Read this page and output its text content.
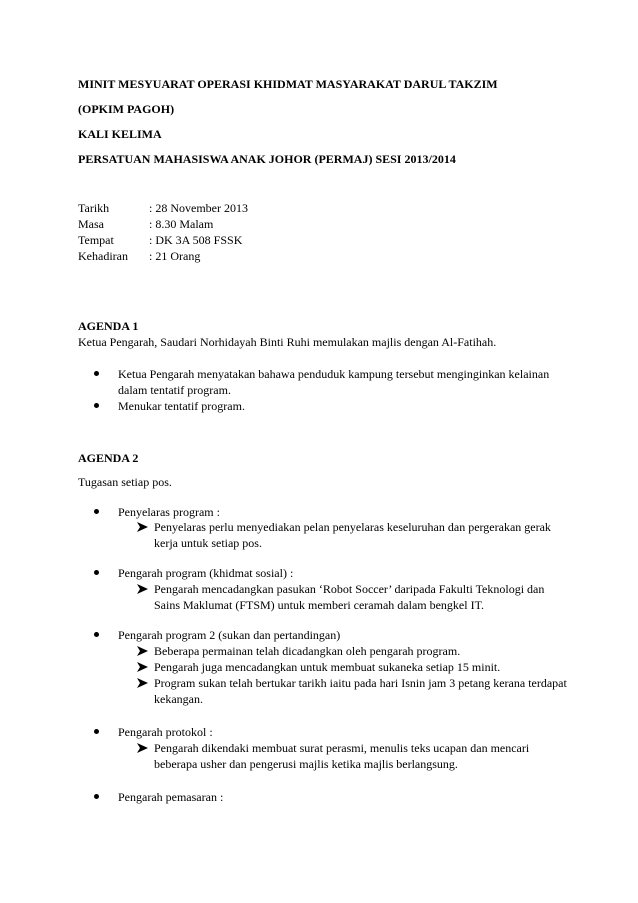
MINIT MESYUARAT OPERASI KHIDMAT MASYARAKAT DARUL TAKZIM
(OPKIM PAGOH)
KALI KELIMA
PERSATUAN MAHASISWA ANAK JOHOR (PERMAJ) SESI 2013/2014
Tarikh	: 28 November 2013
Masa	: 8.30 Malam
Tempat	: DK 3A 508 FSSK
Kehadiran : 21 Orang
AGENDA 1
Ketua Pengarah, Saudari Norhidayah Binti Ruhi memulakan majlis dengan Al-Fatihah.
Ketua Pengarah menyatakan bahawa penduduk kampung tersebut menginginkan kelainan
dalam tentatif program.
Menukar tentatif program.
AGENDA 2
Tugasan setiap pos.
Penyelaras program :
Penyelaras perlu menyediakan pelan penyelaras keseluruhan dan pergerakan gerak
kerja untuk setiap pos.
Pengarah program (khidmat sosial) :
Pengarah mencadangkan pasukan ‘Robot Soccer’ daripada Fakulti Teknologi dan
Sains Maklumat (FTSM) untuk memberi ceramah dalam bengkel IT.
Pengarah program 2 (sukan dan pertandingan)
Beberapa permainan telah dicadangkan oleh pengarah program.
Pengarah juga mencadangkan untuk membuat sukaneka setiap 15 minit.
Program sukan telah bertukar tarikh iaitu pada hari Isnin jam 3 petang kerana terdapat
kekangan.
Pengarah protokol :
Pengarah dikendaki membuat surat perasmi, menulis teks ucapan dan mencari
beberapa usher dan pengerusi majlis ketika majlis berlangsung.
Pengarah pemasaran :
